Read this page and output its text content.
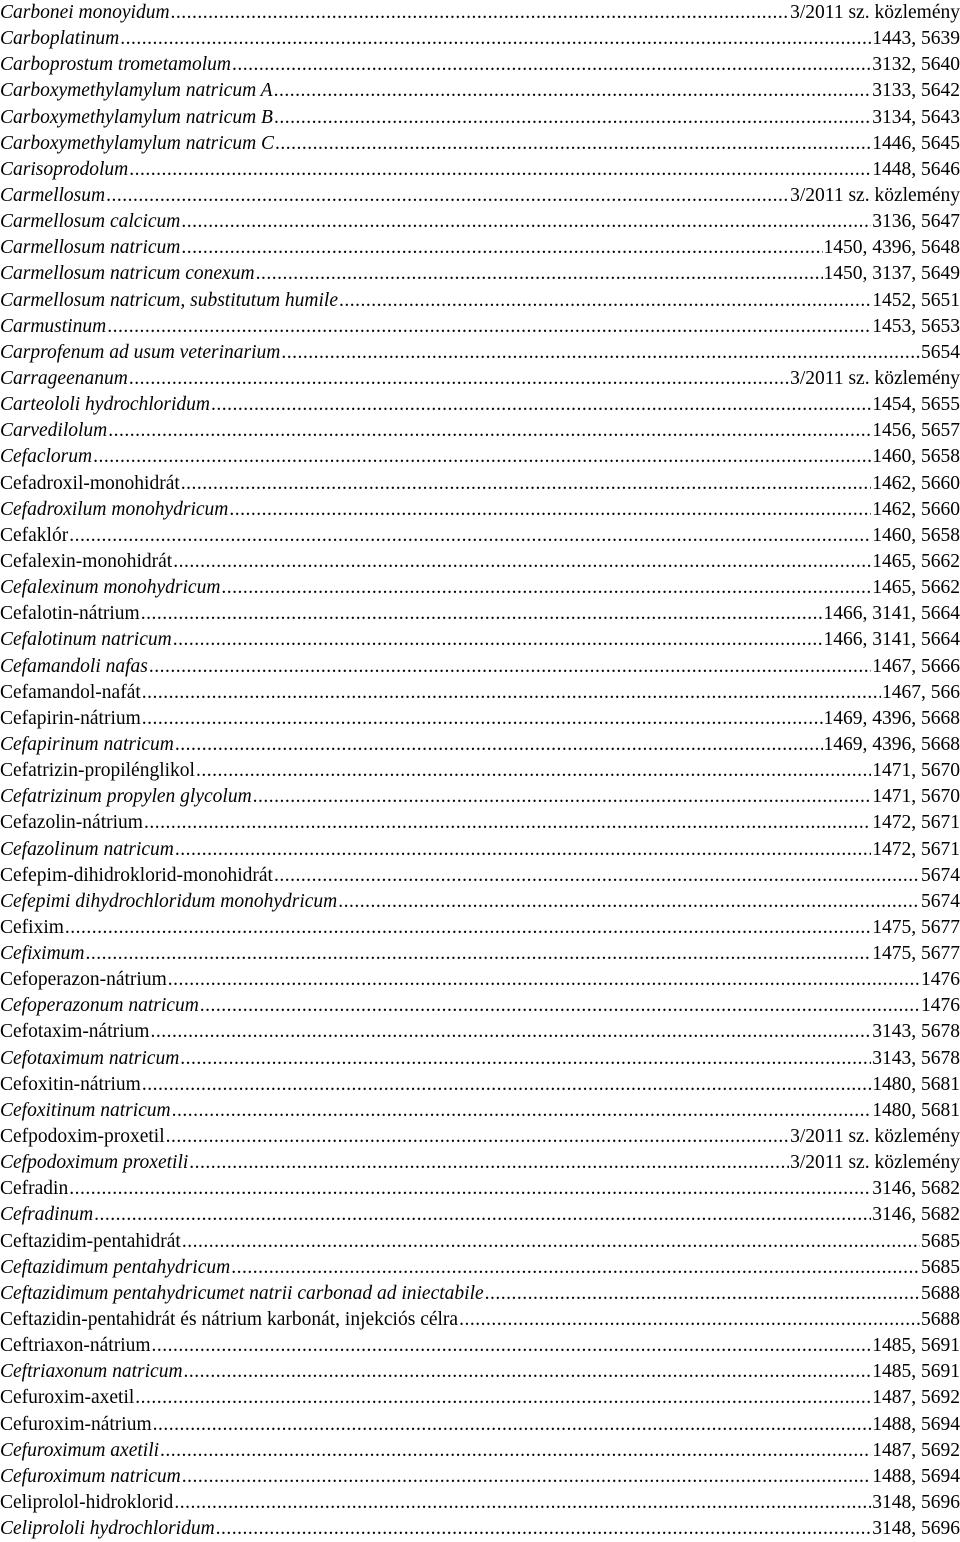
Carbonei monoyidum .....	3/2011 sz. közlemény
Carboplatinum .....	1443, 5639
Carboprostum trometamolum .....	3132, 5640
Carboxymethylamylum natricum A .....	3133, 5642
Carboxymethylamylum natricum B .....	3134, 5643
Carboxymethylamylum natricum C .....	1446, 5645
Carisoprodolum .....	1448, 5646
Carmellosum .....	3/2011 sz. közlemény
Carmellosum calcicum .....	3136, 5647
Carmellosum natricum .....	1450, 4396, 5648
Carmellosum natricum conexum .....	1450, 3137, 5649
Carmellosum natricum, substitutum humile .....	1452, 5651
Carmustinum .....	1453, 5653
Carprofenum ad usum veterinarium .....	5654
Carrageenanum .....	3/2011 sz. közlemény
Carteololi hydrochloridum .....	1454, 5655
Carvedilolum .....	1456, 5657
Cefaclorum .....	1460, 5658
Cefadroxil-monohidrát .....	1462, 5660
Cefadroxilum monohydricum .....	1462, 5660
Cefaklór .....	1460, 5658
Cefalexin-monohidrát .....	1465, 5662
Cefalexinum monohydricum .....	1465, 5662
Cefalotin-nátrium .....	1466, 3141, 5664
Cefalotinum natricum .....	1466, 3141, 5664
Cefamandoli nafas .....	1467, 5666
Cefamandol-nafát .....	1467, 566
Cefapirin-nátrium .....	1469, 4396, 5668
Cefapirinum natricum .....	1469, 4396, 5668
Cefatrizin-propilénglikol .....	1471, 5670
Cefatrizinum propylen glycolum .....	1471, 5670
Cefazolin-nátrium .....	1472, 5671
Cefazolinum natricum .....	1472, 5671
Cefepim-dihidroklorid-monohidrát .....	5674
Cefepimi dihydrochloridum monohydricum .....	5674
Cefixim .....	1475, 5677
Cefiximum .....	1475, 5677
Cefoperazon-nátrium .....	1476
Cefoperazonum natricum .....	1476
Cefotaxim-nátrium .....	3143, 5678
Cefotaximum natricum .....	3143, 5678
Cefoxitin-nátrium .....	1480, 5681
Cefoxitinum natricum .....	1480, 5681
Cefpodoxim-proxetil .....	3/2011 sz. közlemény
Cefpodoximum proxetili .....	3/2011 sz. közlemény
Cefradin .....	3146, 5682
Cefradinum .....	3146, 5682
Ceftazidim-pentahidrát .....	5685
Ceftazidimum pentahydricum .....	5685
Ceftazidimum pentahydricumet natrii carbonad ad iniectabile .....	5688
Ceftazidin-pentahidrát és nátrium karbonát, injekciós célra .....	5688
Ceftriaxon-nátrium .....	1485, 5691
Ceftriaxonum natricum .....	1485, 5691
Cefuroxim-axetil .....	1487, 5692
Cefuroxim-nátrium .....	1488, 5694
Cefuroximum axetili .....	1487, 5692
Cefuroximum natricum .....	1488, 5694
Celiprolol-hidroklorid .....	3148, 5696
Celiprololi hydrochloridum .....	3148, 5696
